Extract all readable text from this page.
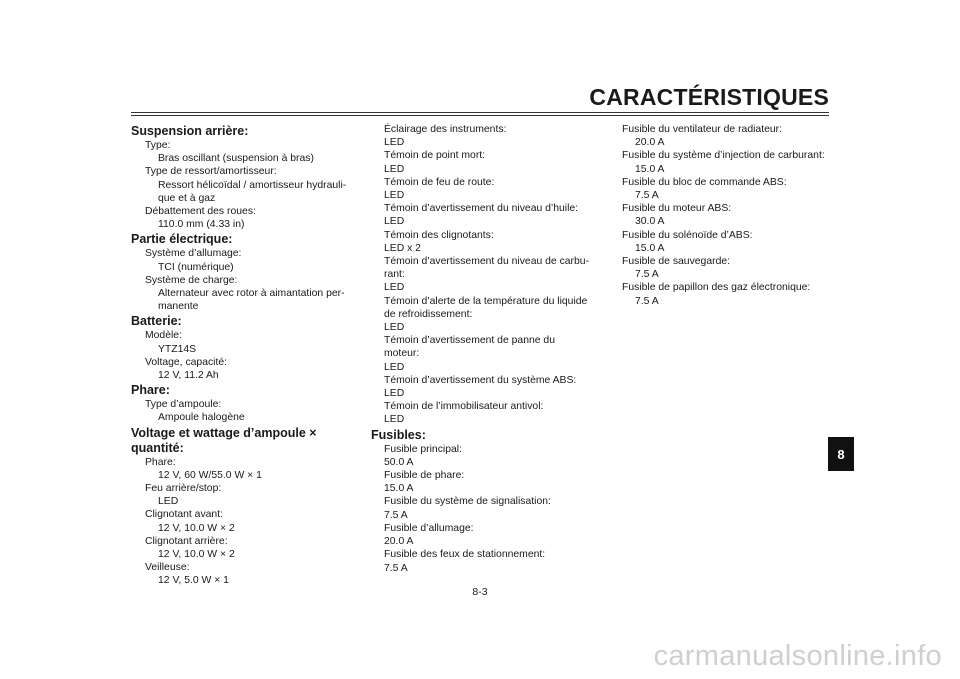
CARACTÉRISTIQUES
Suspension arrière:
Type:
Bras oscillant (suspension à bras)
Type de ressort/amortisseur:
Ressort hélicoïdal / amortisseur hydrauli-
que et à gaz
Débattement des roues:
110.0 mm (4.33 in)
Partie électrique:
Système d’allumage:
TCI (numérique)
Système de charge:
Alternateur avec rotor à aimantation per-
manente
Batterie:
Modèle:
YTZ14S
Voltage, capacité:
12 V, 11.2 Ah
Phare:
Type d’ampoule:
Ampoule halogène
Voltage et wattage d’ampoule × quantité:
Phare:
12 V, 60 W/55.0 W × 1
Feu arrière/stop:
LED
Clignotant avant:
12 V, 10.0 W × 2
Clignotant arrière:
12 V, 10.0 W × 2
Veilleuse:
12 V, 5.0 W × 1
Éclairage des instruments:
LED
Témoin de point mort:
LED
Témoin de feu de route:
LED
Témoin d’avertissement du niveau d’huile:
LED
Témoin des clignotants:
LED x 2
Témoin d’avertissement du niveau de carbu-
rant:
LED
Témoin d’alerte de la température du liquide
de refroidissement:
LED
Témoin d’avertissement de panne du moteur:
LED
Témoin d’avertissement du système ABS:
LED
Témoin de l’immobilisateur antivol:
LED
Fusibles:
Fusible principal:
50.0 A
Fusible de phare:
15.0 A
Fusible du système de signalisation:
7.5 A
Fusible d’allumage:
20.0 A
Fusible des feux de stationnement:
7.5 A
Fusible du ventilateur de radiateur:
20.0 A
Fusible du système d’injection de carburant:
15.0 A
Fusible du bloc de commande ABS:
7.5 A
Fusible du moteur ABS:
30.0 A
Fusible du solénoïde d’ABS:
15.0 A
Fusible de sauvegarde:
7.5 A
Fusible de papillon des gaz électronique:
7.5 A
8
8-3
carmanualsonline.info
